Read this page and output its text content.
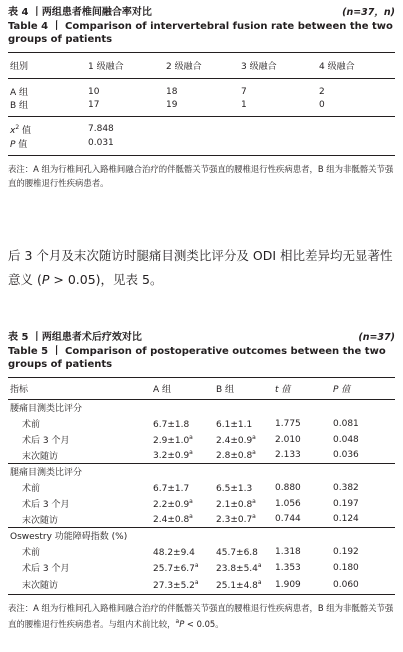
表 4 丨两组患者椎间融合率对比	(n=37，n)
Table 4 丨 Comparison of intervertebral fusion rate between the two groups of patients
组别	1 级融合	2 级融合	3 级融合	4 级融合
A 组	10	18	7	2
B 组	17	19	1	0
$x^2$ 值	7.848			
P 值	0.031			
表注：A 组为行椎间孔入路椎间融合治疗的伴骶髂关节强直的腰椎退行性疾病患者，B 组为非骶髂关节强直的腰椎退行性疾病患者。
后 3 个月及末次随访时腿痛目测类比评分及 ODI 相比差异均无显著性意义 (P > 0.05)，见表 5。
表 5 丨两组患者术后疗效对比	(n=37)
Table 5 丨 Comparison of postoperative outcomes between the two groups of patients
指标	A 组	B 组	t 值	P 值
腰痛目测类比评分				
术前	6.7±1.8	6.1±1.1	1.775	0.081
术后 3 个月	2.9±1.0$^a$	2.4±0.9$^a$	2.010	0.048
末次随访	3.2±0.9$^a$	2.8±0.8$^a$	2.133	0.036
腿痛目测类比评分				
术前	6.7±1.7	6.5±1.3	0.880	0.382
术后 3 个月	2.2±0.9$^a$	2.1±0.8$^a$	1.056	0.197
末次随访	2.4±0.8$^a$	2.3±0.7$^a$	0.744	0.124
Oswestry 功能障碍指数 (%)				
术前	48.2±9.4	45.7±6.8	1.318	0.192
术后 3 个月	25.7±6.7$^a$	23.8±5.4$^a$	1.353	0.180
末次随访	27.3±5.2$^a$	25.1±4.8$^a$	1.909	0.060
表注：A 组为行椎间孔入路椎间融合治疗的伴骶髂关节强直的腰椎退行性疾病患者，B 组为非骶髂关节强直的腰椎退行性疾病患者。与组内术前比较，$^a$P < 0.05。
